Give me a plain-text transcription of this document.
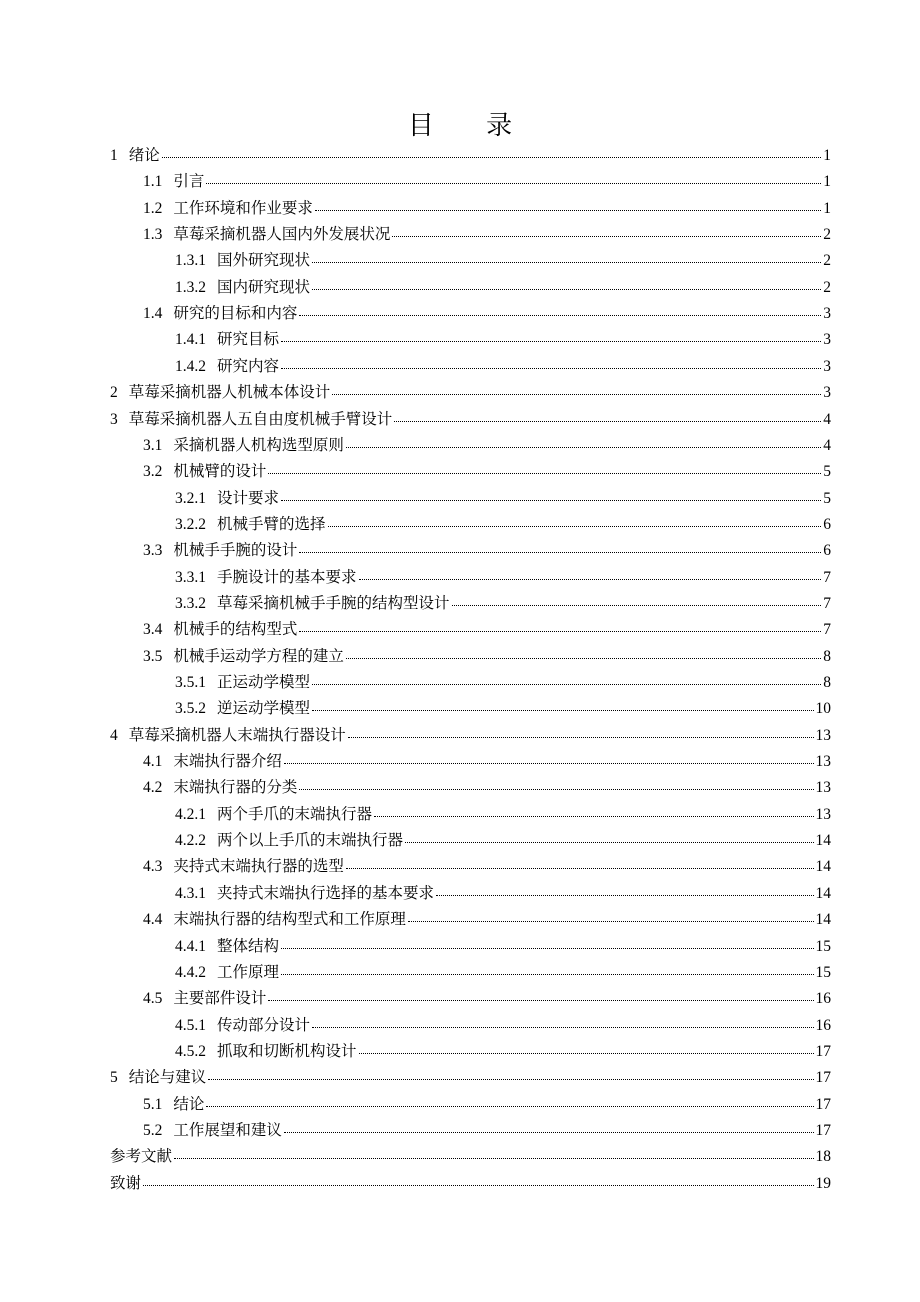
目 录
1 绪论	1
1.1 引言	1
1.2 工作环境和作业要求	1
1.3 草莓采摘机器人国内外发展状况	2
1.3.1 国外研究现状	2
1.3.2 国内研究现状	2
1.4 研究的目标和内容	3
1.4.1 研究目标	3
1.4.2 研究内容	3
2 草莓采摘机器人机械本体设计	3
3 草莓采摘机器人五自由度机械手臂设计	4
3.1 采摘机器人机构选型原则	4
3.2 机械臂的设计	5
3.2.1 设计要求	5
3.2.2 机械手臂的选择	6
3.3 机械手手腕的设计	6
3.3.1 手腕设计的基本要求	7
3.3.2 草莓采摘机械手手腕的结构型设计	7
3.4 机械手的结构型式	7
3.5 机械手运动学方程的建立	8
3.5.1 正运动学模型	8
3.5.2 逆运动学模型	10
4 草莓采摘机器人末端执行器设计	13
4.1 末端执行器介绍	13
4.2 末端执行器的分类	13
4.2.1 两个手爪的末端执行器	13
4.2.2 两个以上手爪的末端执行器	14
4.3 夹持式末端执行器的选型	14
4.3.1 夹持式末端执行选择的基本要求	14
4.4 末端执行器的结构型式和工作原理	14
4.4.1 整体结构	15
4.4.2 工作原理	15
4.5 主要部件设计	16
4.5.1 传动部分设计	16
4.5.2 抓取和切断机构设计	17
5 结论与建议	17
5.1 结论	17
5.2 工作展望和建议	17
参考文献	18
致谢	19
